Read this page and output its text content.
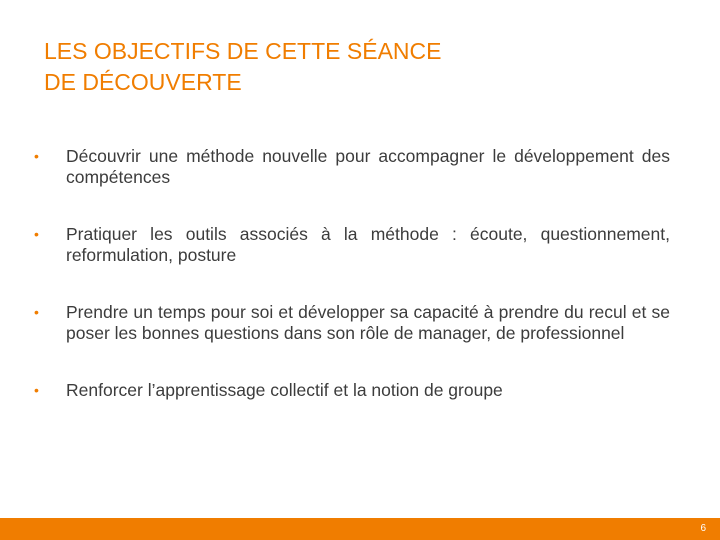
LES OBJECTIFS DE CETTE SÉANCE
DE DÉCOUVERTE
•	Découvrir une méthode nouvelle pour accompagner le développement des compétences
•	Pratiquer les outils associés à la méthode : écoute, questionnement, reformulation, posture
•	Prendre un temps pour soi et développer sa capacité à prendre du recul et se poser les bonnes questions dans son rôle de manager, de professionnel
•	Renforcer l’apprentissage collectif et la notion de groupe
6
